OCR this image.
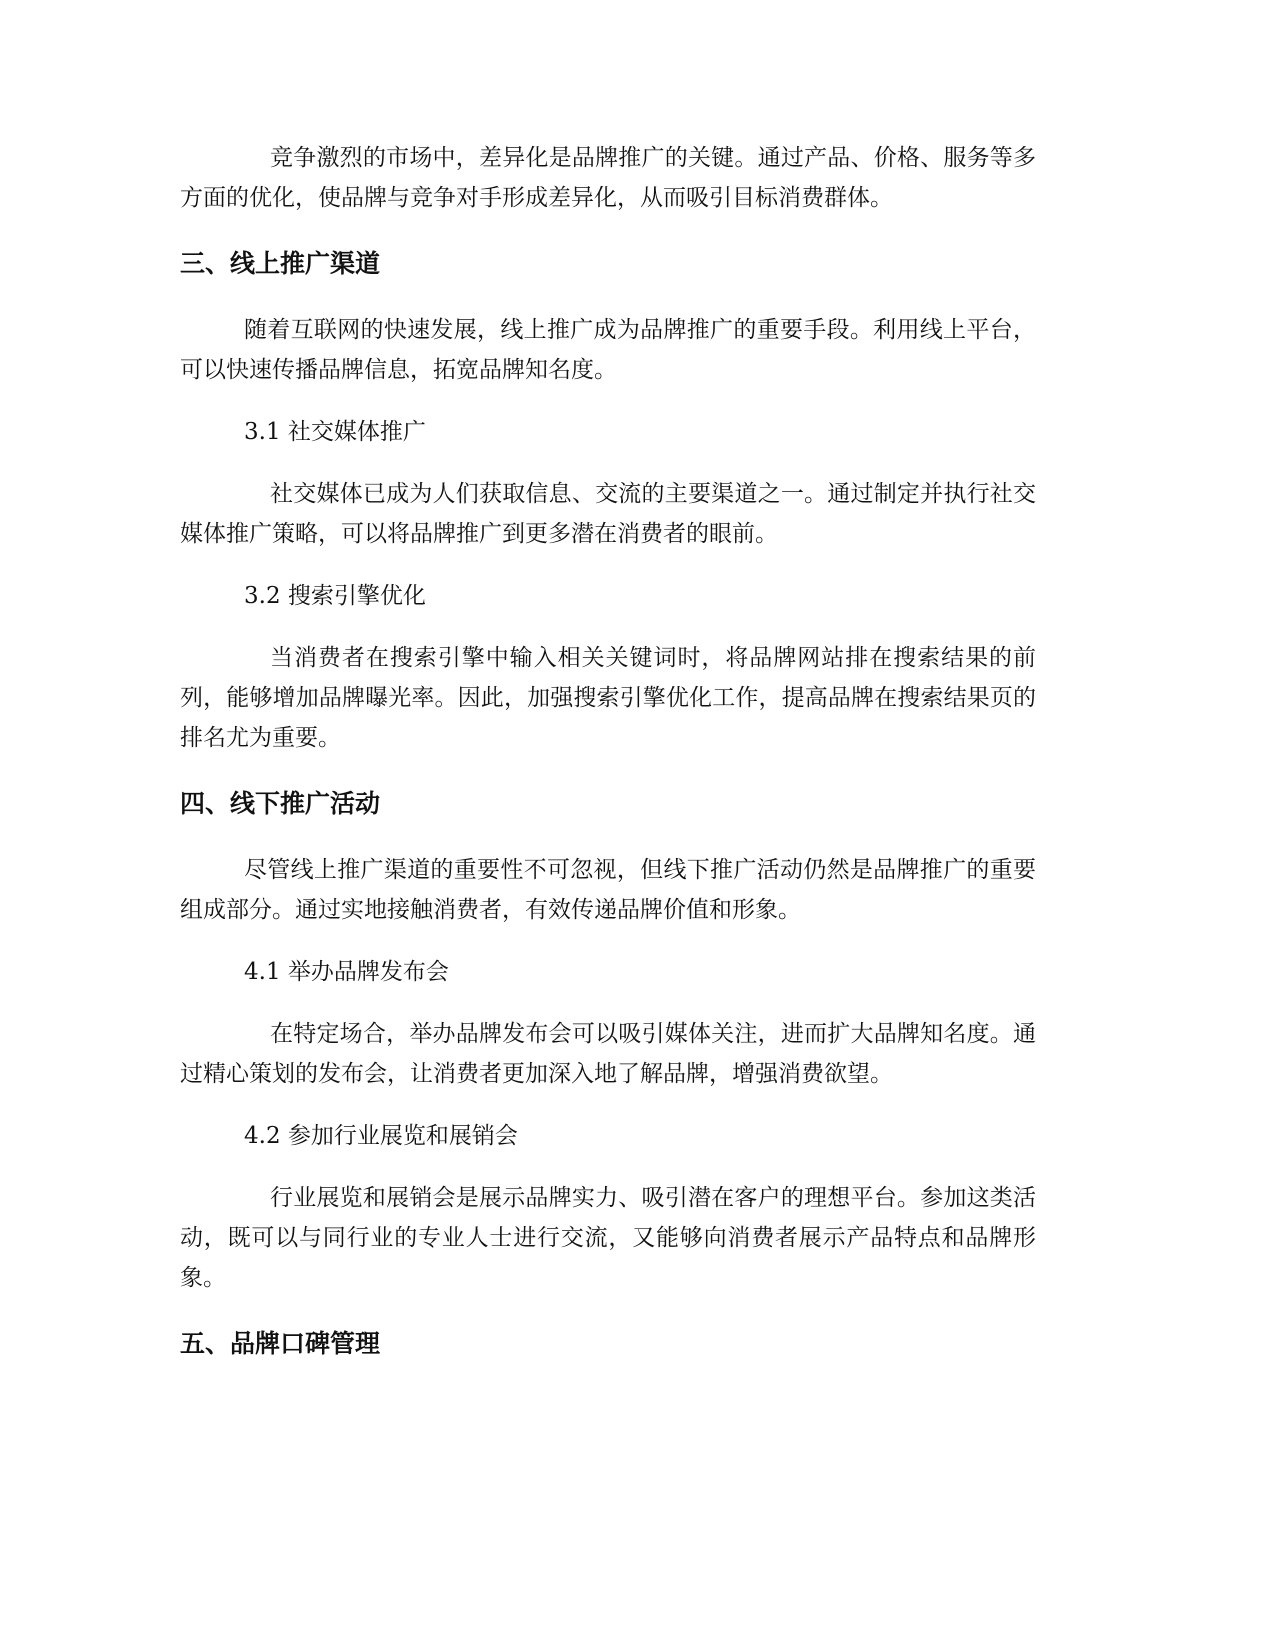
竞争激烈的市场中，差异化是品牌推广的关键。通过产品、价格、服务等多方面的优化，使品牌与竞争对手形成差异化，从而吸引目标消费群体。

三、线上推广渠道

随着互联网的快速发展，线上推广成为品牌推广的重要手段。利用线上平台，可以快速传播品牌信息，拓宽品牌知名度。

3.1 社交媒体推广

社交媒体已成为人们获取信息、交流的主要渠道之一。通过制定并执行社交媒体推广策略，可以将品牌推广到更多潜在消费者的眼前。

3.2 搜索引擎优化

当消费者在搜索引擎中输入相关关键词时，将品牌网站排在搜索结果的前列，能够增加品牌曝光率。因此，加强搜索引擎优化工作，提高品牌在搜索结果页的排名尤为重要。

四、线下推广活动

尽管线上推广渠道的重要性不可忽视，但线下推广活动仍然是品牌推广的重要组成部分。通过实地接触消费者，有效传递品牌价值和形象。

4.1 举办品牌发布会

在特定场合，举办品牌发布会可以吸引媒体关注，进而扩大品牌知名度。通过精心策划的发布会，让消费者更加深入地了解品牌，增强消费欲望。

4.2 参加行业展览和展销会

行业展览和展销会是展示品牌实力、吸引潜在客户的理想平台。参加这类活动，既可以与同行业的专业人士进行交流，又能够向消费者展示产品特点和品牌形象。

五、品牌口碑管理
